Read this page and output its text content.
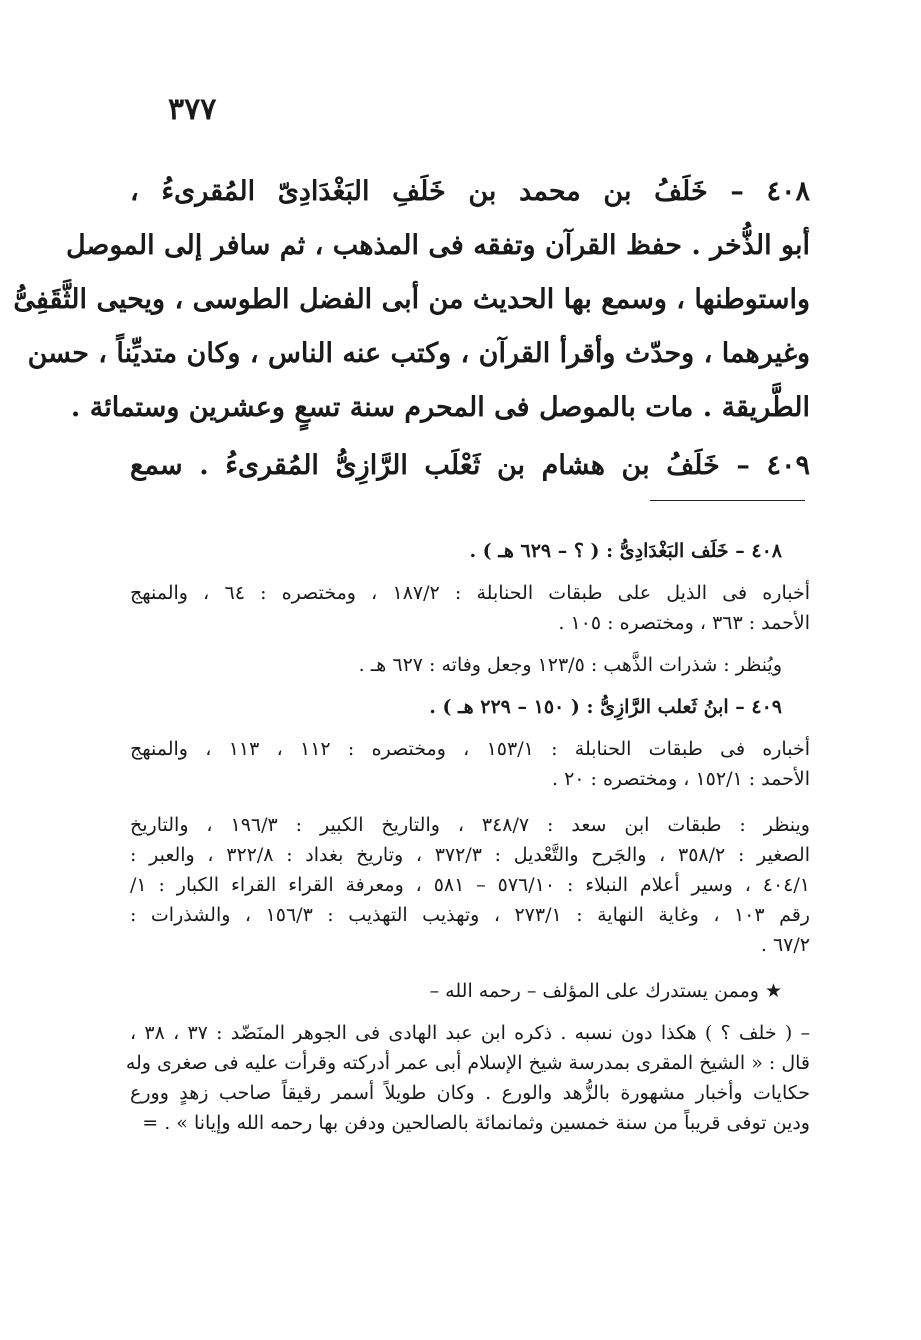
٣٧٧
٤٠٨ – خَلَفُ بن محمد بن خَلَفِ البَغْدَادِىّ المُقرىءُ ،
أبو الذُّخر . حفظ القرآن وتفقه فى المذهب ، ثم سافر إلى الموصل
واستوطنها ، وسمع بها الحديث من أبى الفضل الطوسى ، ويحيى الثَّقَفِىُّ
وغيرهما ، وحدّث وأقرأ القرآن ، وكتب عنه الناس ، وكان متديِّناً ، حسن
الطَّريقة . مات بالموصل فى المحرم سنة تسعٍ وعشرين وستمائة .
٤٠٩ – خَلَفُ بن هشام بن ثَعْلَب الرَّازِىُّ المُقرىءُ . سمع
٤٠٨ – خَلَف البَغْدَادِىُّ : ( ؟ – ٦٢٩ هـ ) .
أخباره فى الذيل على طبقات الحنابلة : ١٨٧/٢ ، ومختصره : ٦٤ ، والمنهج
الأحمد : ٣٦٣ ، ومختصره : ١٠٥ .
ويُنظر : شذرات الذَّهب : ١٢٣/٥ وجعل وفاته : ٦٢٧ هـ .
٤٠٩ – ابنُ ثَعلب الرَّازِىُّ : ( ١٥٠ – ٢٢٩ هـ ) .
أخباره فى طبقات الحنابلة : ١٥٣/١ ، ومختصره : ١١٢ ، ١١٣ ، والمنهج
الأحمد : ١٥٢/١ ، ومختصره : ٢٠ .
وينظر : طبقات ابن سعد : ٣٤٨/٧ ، والتاريخ الكبير : ١٩٦/٣ ، والتاريخ
الصغير : ٣٥٨/٢ ، والجَرح والتَّعْديل : ٣٧٢/٣ ، وتاريخ بغداد : ٣٢٢/٨ ، والعبر :
٤٠٤/١ ، وسير أعلام النبلاء : ٥٧٦/١٠ – ٥٨١ ، ومعرفة القراء القراء الكبار : ١/
رقم ١٠٣ ، وغاية النهاية : ٢٧٣/١ ، وتهذيب التهذيب : ١٥٦/٣ ، والشذرات :
٦٧/٢ .
★ وممن يستدرك على المؤلف – رحمه الله –
– ( خلف ؟ ) هكذا دون نسبه . ذكره ابن عبد الهادى فى الجوهر المنَضّد : ٣٧ ، ٣٨ ،
قال : « الشيخ المقرى بمدرسة شيخ الإسلام أبى عمر أدركته وقرأت عليه فى صغرى وله
حكايات وأخبار مشهورة بالزُّهد والورع . وكان طويلاً أسمر رقيقاً صاحب زهدٍ وورع
ودين توفى قريباً من سنة خمسين وثمانمائة بالصالحين ودفن بها رحمه الله وإيانا » . =
